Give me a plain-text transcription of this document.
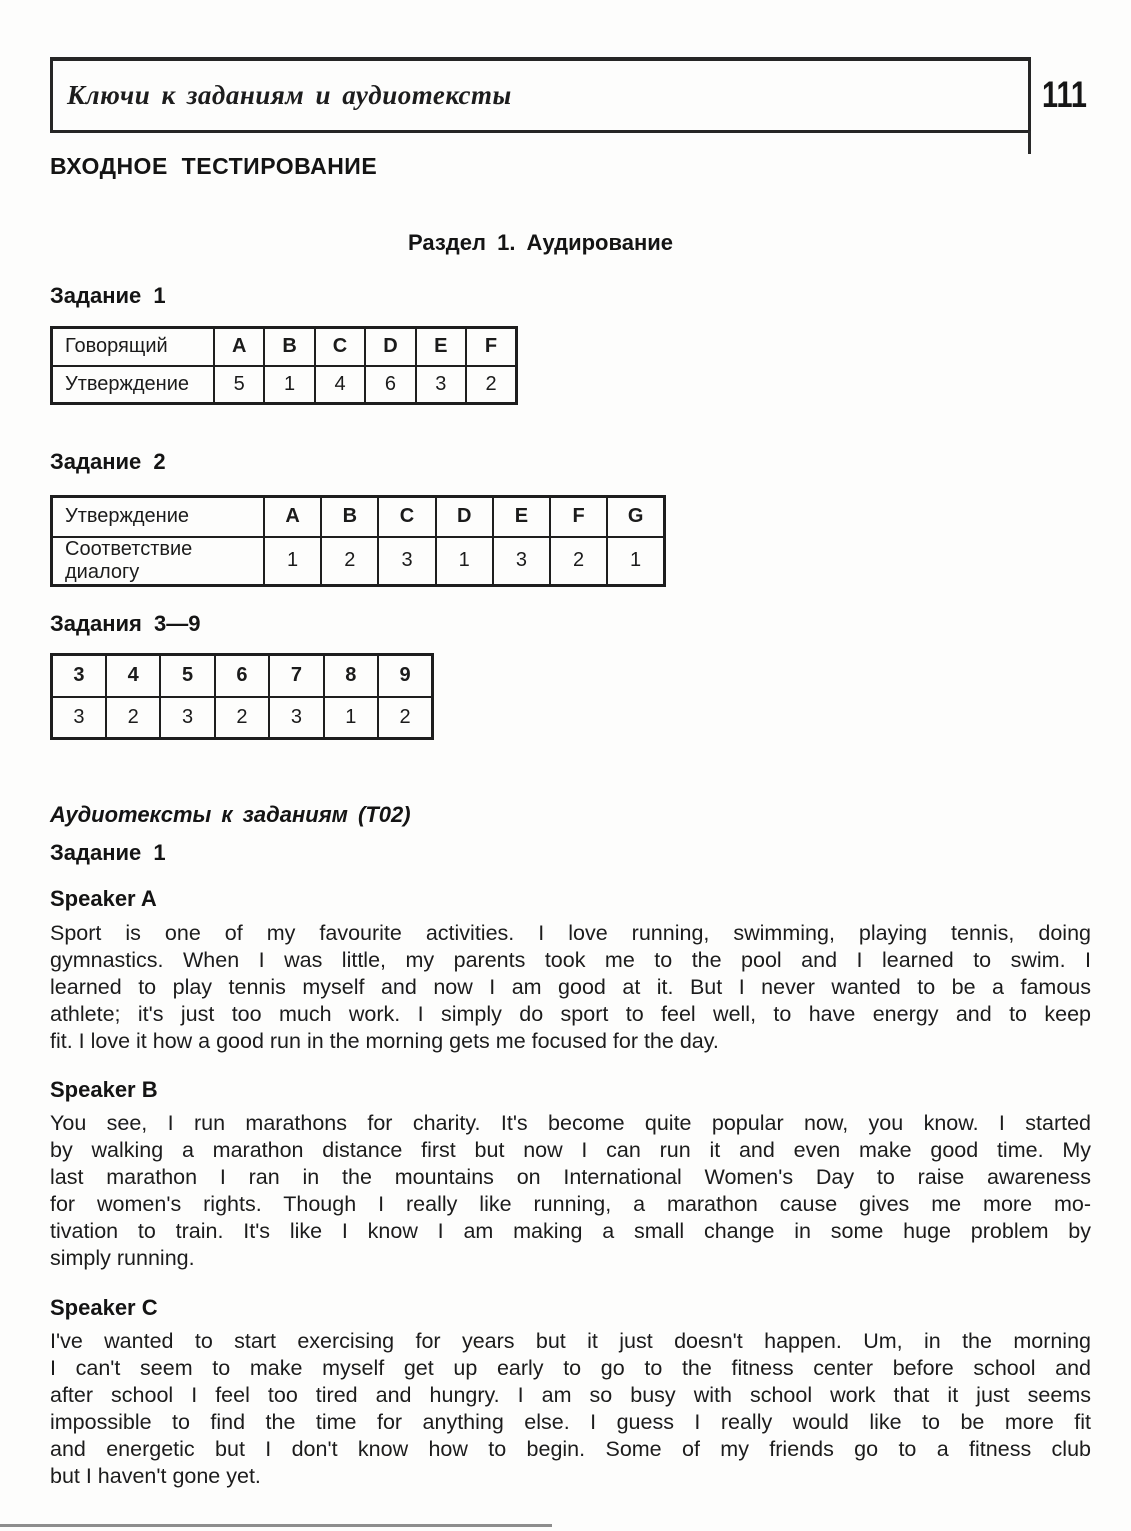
Ключи к заданиям и аудиотексты	111
ВХОДНОЕ ТЕСТИРОВАНИЕ
Раздел 1. Аудирование
Задание 1
Говорящий	A	B	C	D	E	F
Утверждение	5	1	4	6	3	2
Задание 2
Утверждение	A	B	C	D	E	F	G
Соответствие диалогу	1	2	3	1	3	2	1
Задания 3—9
3	4	5	6	7	8	9
3	2	3	2	3	1	2
Аудиотексты к заданиям (Т02)
Задание 1
Speaker A
Sport is one of my favourite activities. I love running, swimming, playing tennis, doing
gymnastics. When I was little, my parents took me to the pool and I learned to swim. I
learned to play tennis myself and now I am good at it. But I never wanted to be a famous
athlete; it's just too much work. I simply do sport to feel well, to have energy and to keep
fit. I love it how a good run in the morning gets me focused for the day.
Speaker B
You see, I run marathons for charity. It's become quite popular now, you know. I started
by walking a marathon distance first but now I can run it and even make good time. My
last marathon I ran in the mountains on International Women's Day to raise awareness
for women's rights. Though I really like running, a marathon cause gives me more mo-
tivation to train. It's like I know I am making a small change in some huge problem by
simply running.
Speaker C
I've wanted to start exercising for years but it just doesn't happen. Um, in the morning
I can't seem to make myself get up early to go to the fitness center before school and
after school I feel too tired and hungry. I am so busy with school work that it just seems
impossible to find the time for anything else. I guess I really would like to be more fit
and energetic but I don't know how to begin. Some of my friends go to a fitness club
but I haven't gone yet.
